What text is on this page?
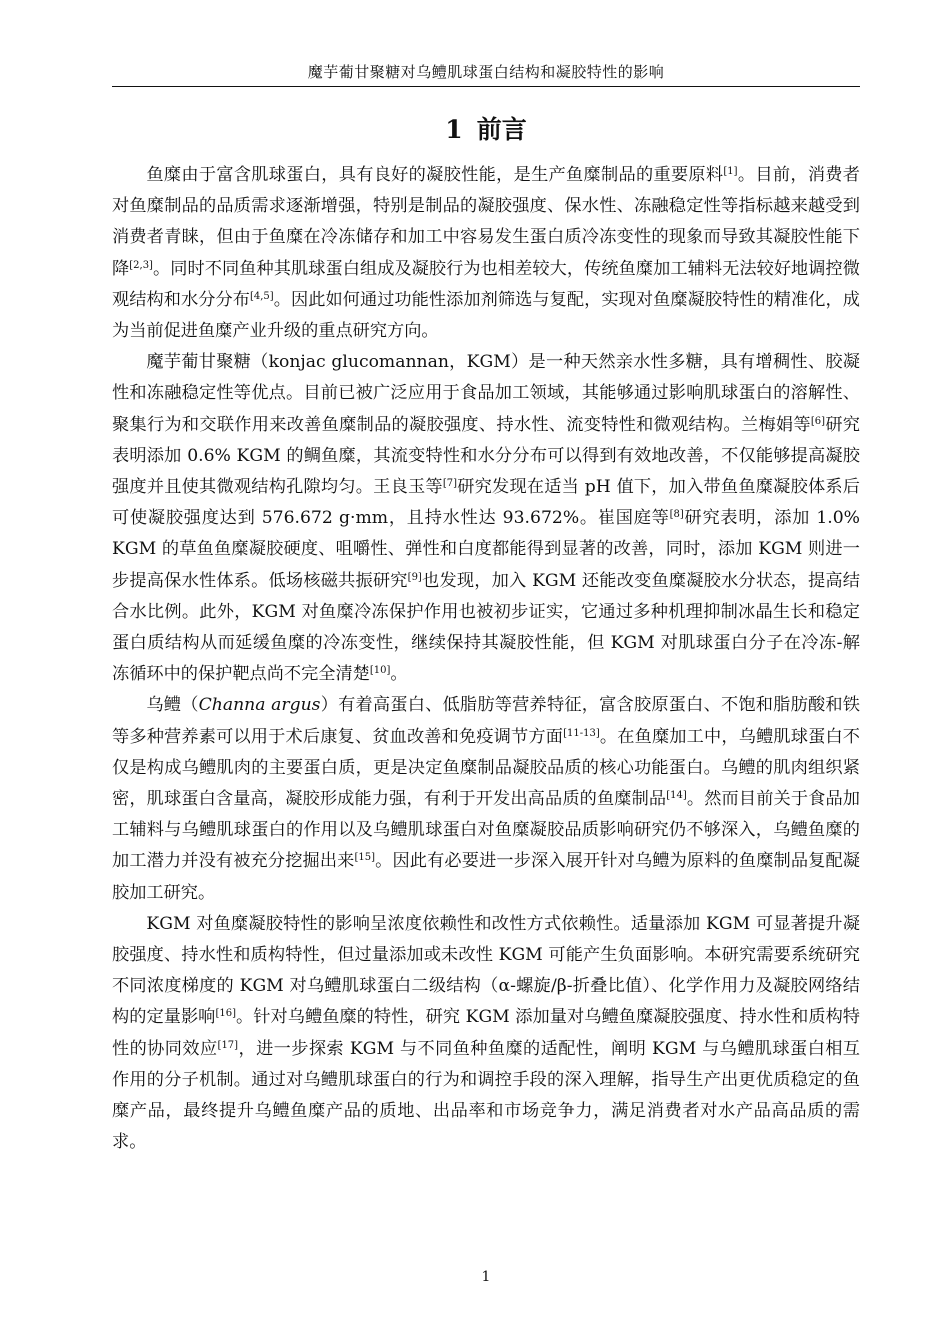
魔芋葡甘聚糖对乌鳢肌球蛋白结构和凝胶特性的影响
1 前言

鱼糜由于富含肌球蛋白，具有良好的凝胶性能，是生产鱼糜制品的重要原料[1]。目前，消费者对鱼糜制品的品质需求逐渐增强，特别是制品的凝胶强度、保水性、冻融稳定性等指标越来越受到消费者青睐，但由于鱼糜在冷冻储存和加工中容易发生蛋白质冷冻变性的现象而导致其凝胶性能下降[2,3]。同时不同鱼种其肌球蛋白组成及凝胶行为也相差较大，传统鱼糜加工辅料无法较好地调控微观结构和水分分布[4,5]。因此如何通过功能性添加剂筛选与复配，实现对鱼糜凝胶特性的精准化，成为当前促进鱼糜产业升级的重点研究方向。

魔芋葡甘聚糖（konjac glucomannan，KGM）是一种天然亲水性多糖，具有增稠性、胶凝性和冻融稳定性等优点。目前已被广泛应用于食品加工领域，其能够通过影响肌球蛋白的溶解性、聚集行为和交联作用来改善鱼糜制品的凝胶强度、持水性、流变特性和微观结构。兰梅娟等[6]研究表明添加 0.6% KGM 的鲷鱼糜，其流变特性和水分分布可以得到有效地改善，不仅能够提高凝胶强度并且使其微观结构孔隙均匀。王良玉等[7]研究发现在适当 pH 值下，加入带鱼鱼糜凝胶体系后可使凝胶强度达到 576.672 g·mm，且持水性达 93.672%。崔国庭等[8]研究表明，添加 1.0% KGM 的草鱼鱼糜凝胶硬度、咀嚼性、弹性和白度都能得到显著的改善，同时，添加 KGM 则进一步提高保水性体系。低场核磁共振研究[9]也发现，加入 KGM 还能改变鱼糜凝胶水分状态，提高结合水比例。此外，KGM 对鱼糜冷冻保护作用也被初步证实，它通过多种机理抑制冰晶生长和稳定蛋白质结构从而延缓鱼糜的冷冻变性，继续保持其凝胶性能，但 KGM 对肌球蛋白分子在冷冻-解冻循环中的保护靶点尚不完全清楚[10]。

乌鳢（Channa argus）有着高蛋白、低脂肪等营养特征，富含胶原蛋白、不饱和脂肪酸和铁等多种营养素可以用于术后康复、贫血改善和免疫调节方面[11-13]。在鱼糜加工中，乌鳢肌球蛋白不仅是构成乌鳢肌肉的主要蛋白质，更是决定鱼糜制品凝胶品质的核心功能蛋白。乌鳢的肌肉组织紧密，肌球蛋白含量高，凝胶形成能力强，有利于开发出高品质的鱼糜制品[14]。然而目前关于食品加工辅料与乌鳢肌球蛋白的作用以及乌鳢肌球蛋白对鱼糜凝胶品质影响研究仍不够深入，乌鳢鱼糜的加工潜力并没有被充分挖掘出来[15]。因此有必要进一步深入展开针对乌鳢为原料的鱼糜制品复配凝胶加工研究。

KGM 对鱼糜凝胶特性的影响呈浓度依赖性和改性方式依赖性。适量添加 KGM 可显著提升凝胶强度、持水性和质构特性，但过量添加或未改性 KGM 可能产生负面影响。本研究需要系统研究不同浓度梯度的 KGM 对乌鳢肌球蛋白二级结构（α-螺旋/β-折叠比值）、化学作用力及凝胶网络结构的定量影响[16]。针对乌鳢鱼糜的特性，研究 KGM 添加量对乌鳢鱼糜凝胶强度、持水性和质构特性的协同效应[17]，进一步探索 KGM 与不同鱼种鱼糜的适配性，阐明 KGM 与乌鳢肌球蛋白相互作用的分子机制。通过对乌鳢肌球蛋白的行为和调控手段的深入理解，指导生产出更优质稳定的鱼糜产品，最终提升乌鳢鱼糜产品的质地、出品率和市场竞争力，满足消费者对水产品高品质的需求。

1
